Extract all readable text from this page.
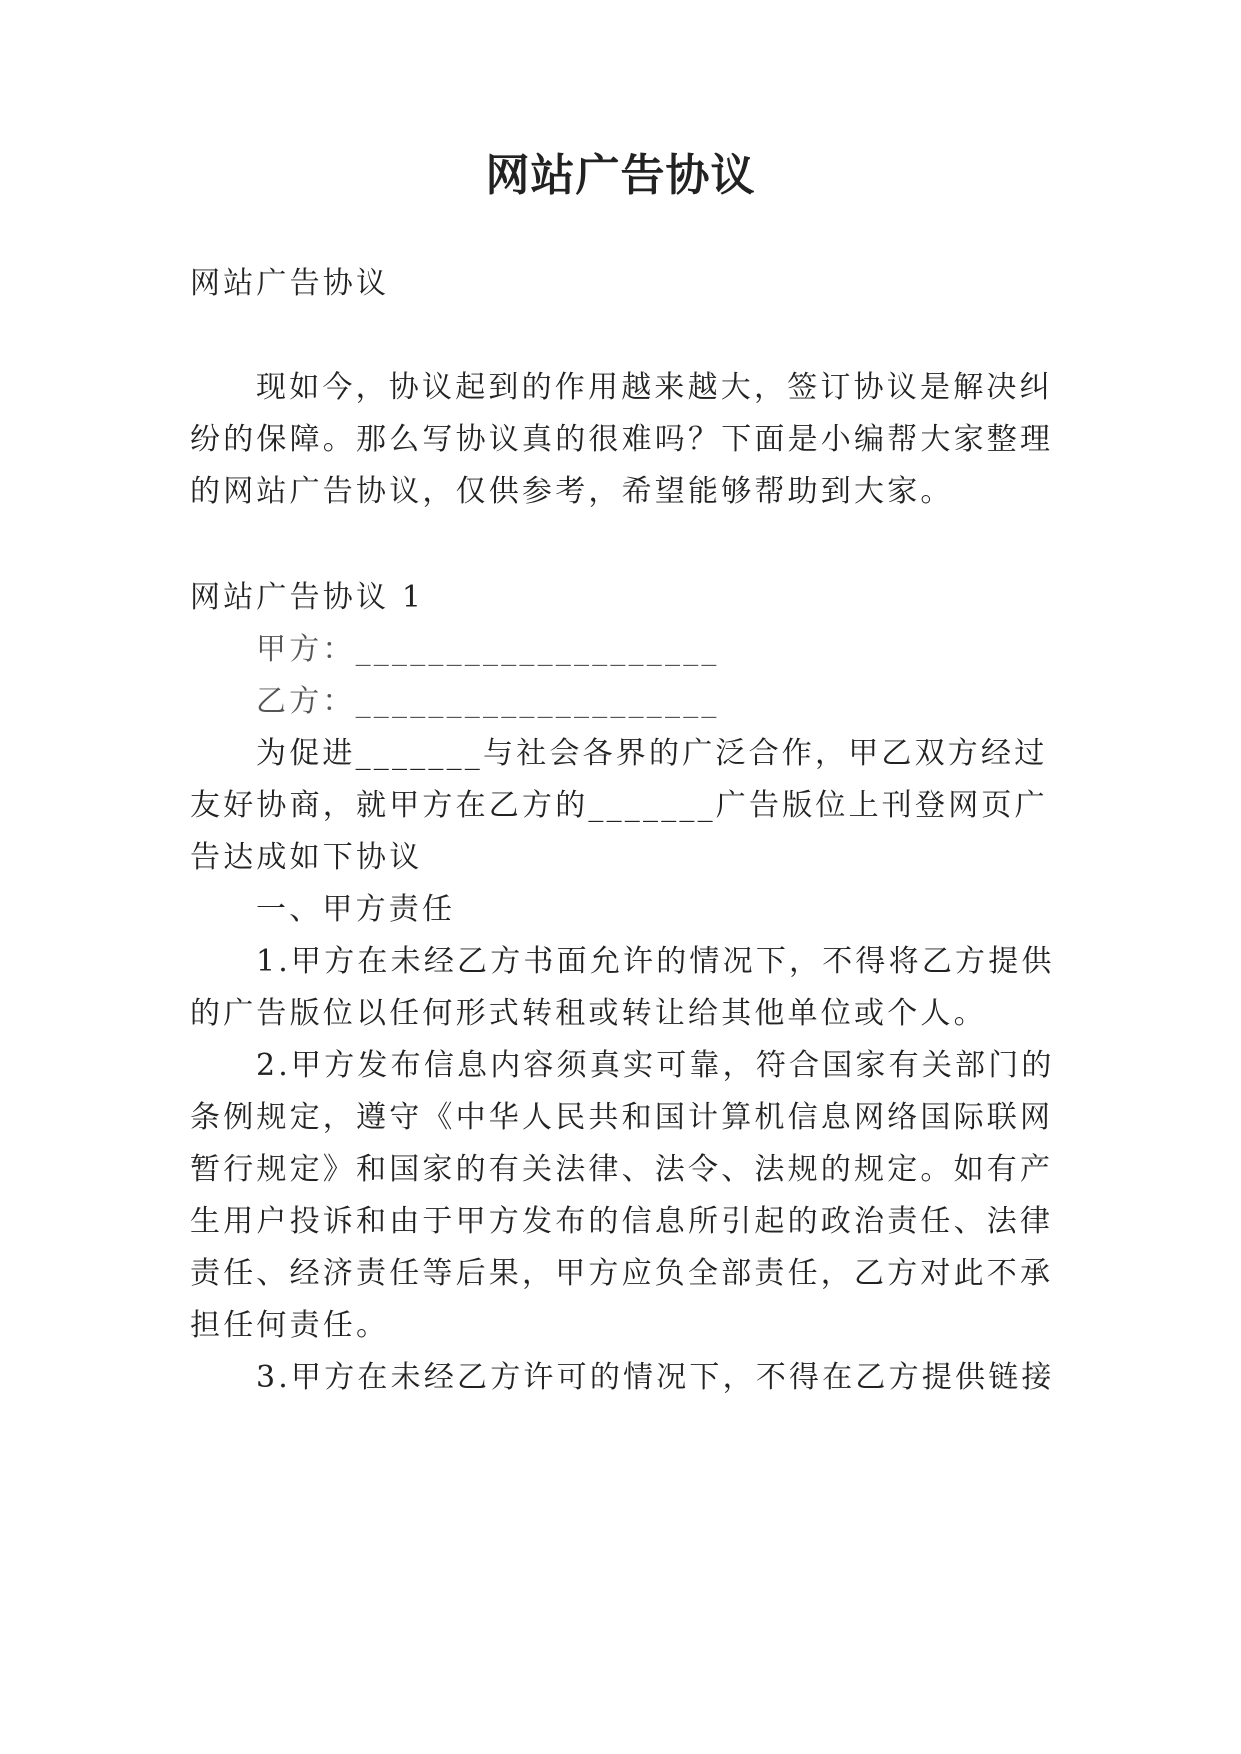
网站广告协议
网站广告协议
现如今，协议起到的作用越来越大，签订协议是解决纠
纷的保障。那么写协议真的很难吗？下面是小编帮大家整理
的网站广告协议，仅供参考，希望能够帮助到大家。
网站广告协议 1
甲方：____________________
乙方：____________________
为促进_______与社会各界的广泛合作，甲乙双方经过
友好协商，就甲方在乙方的_______广告版位上刊登网页广
告达成如下协议
一、甲方责任
1.甲方在未经乙方书面允许的情况下，不得将乙方提供
的广告版位以任何形式转租或转让给其他单位或个人。
2.甲方发布信息内容须真实可靠，符合国家有关部门的
条例规定，遵守《中华人民共和国计算机信息网络国际联网
暂行规定》和国家的有关法律、法令、法规的规定。如有产
生用户投诉和由于甲方发布的信息所引起的政治责任、法律
责任、经济责任等后果，甲方应负全部责任，乙方对此不承
担任何责任。
3.甲方在未经乙方许可的情况下，不得在乙方提供链接
